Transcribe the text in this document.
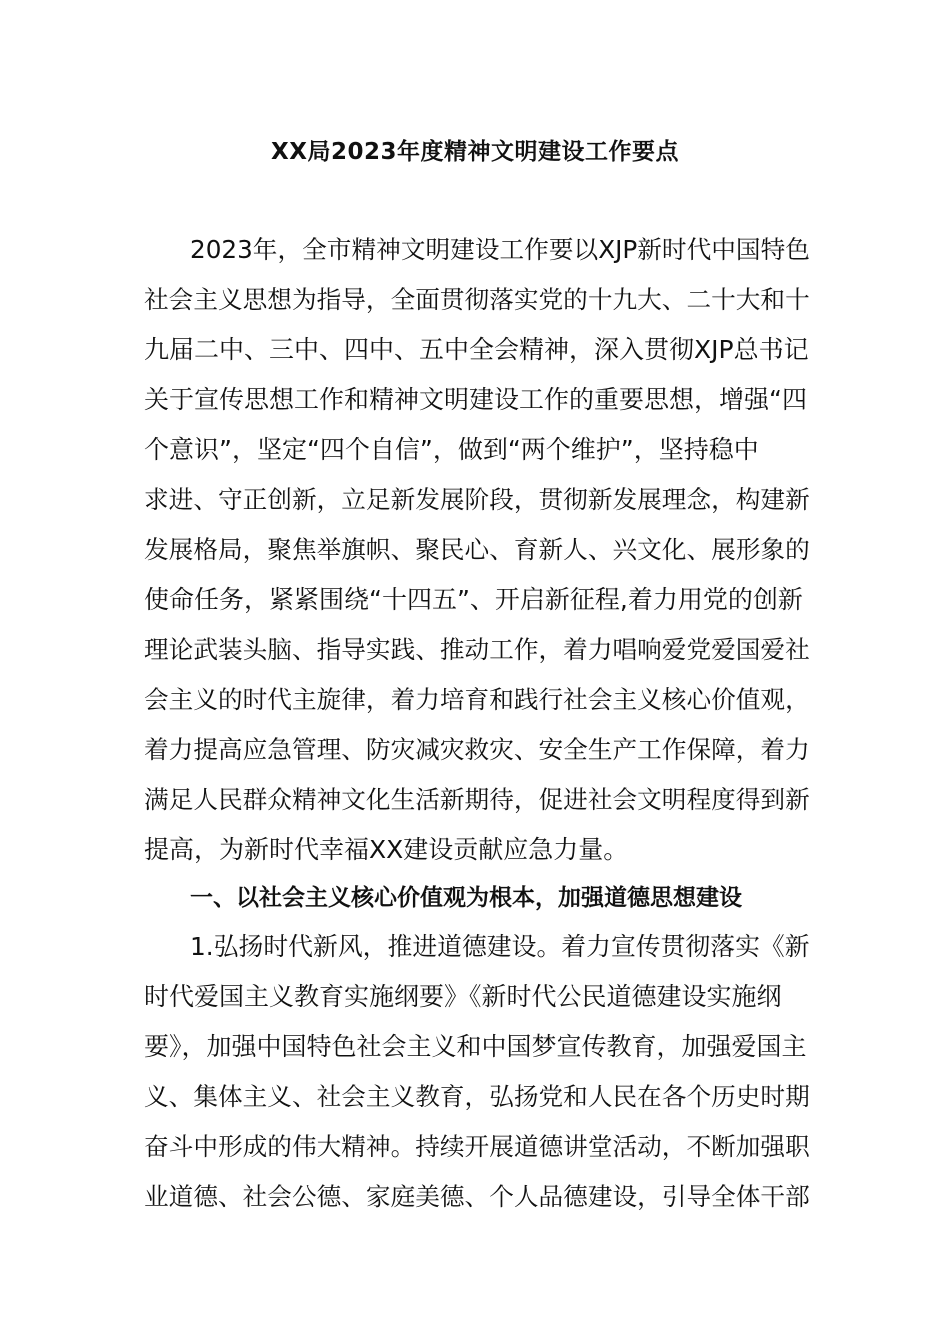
XX局2023年度精神文明建设工作要点
2023年，全市精神文明建设工作要以XJP新时代中国特色
社会主义思想为指导，全面贯彻落实党的十九大、二十大和十
九届二中、三中、四中、五中全会精神，深入贯彻XJP总书记
关于宣传思想工作和精神文明建设工作的重要思想，增强“四
个意识”，坚定“四个自信”，做到“两个维护”，坚持稳中
求进、守正创新，立足新发展阶段，贯彻新发展理念，构建新
发展格局，聚焦举旗帜、聚民心、育新人、兴文化、展形象的
使命任务，紧紧围绕“十四五”、开启新征程,着力用党的创新
理论武装头脑、指导实践、推动工作，着力唱响爱党爱国爱社
会主义的时代主旋律，着力培育和践行社会主义核心价值观，
着力提高应急管理、防灾减灾救灾、安全生产工作保障，着力
满足人民群众精神文化生活新期待，促进社会文明程度得到新
提高，为新时代幸福XX建设贡献应急力量。
一、以社会主义核心价值观为根本，加强道德思想建设
1.弘扬时代新风，推进道德建设。着力宣传贯彻落实《新
时代爱国主义教育实施纲要》《新时代公民道德建设实施纲
要》，加强中国特色社会主义和中国梦宣传教育，加强爱国主
义、集体主义、社会主义教育，弘扬党和人民在各个历史时期
奋斗中形成的伟大精神。持续开展道德讲堂活动，不断加强职
业道德、社会公德、家庭美德、个人品德建设，引导全体干部
